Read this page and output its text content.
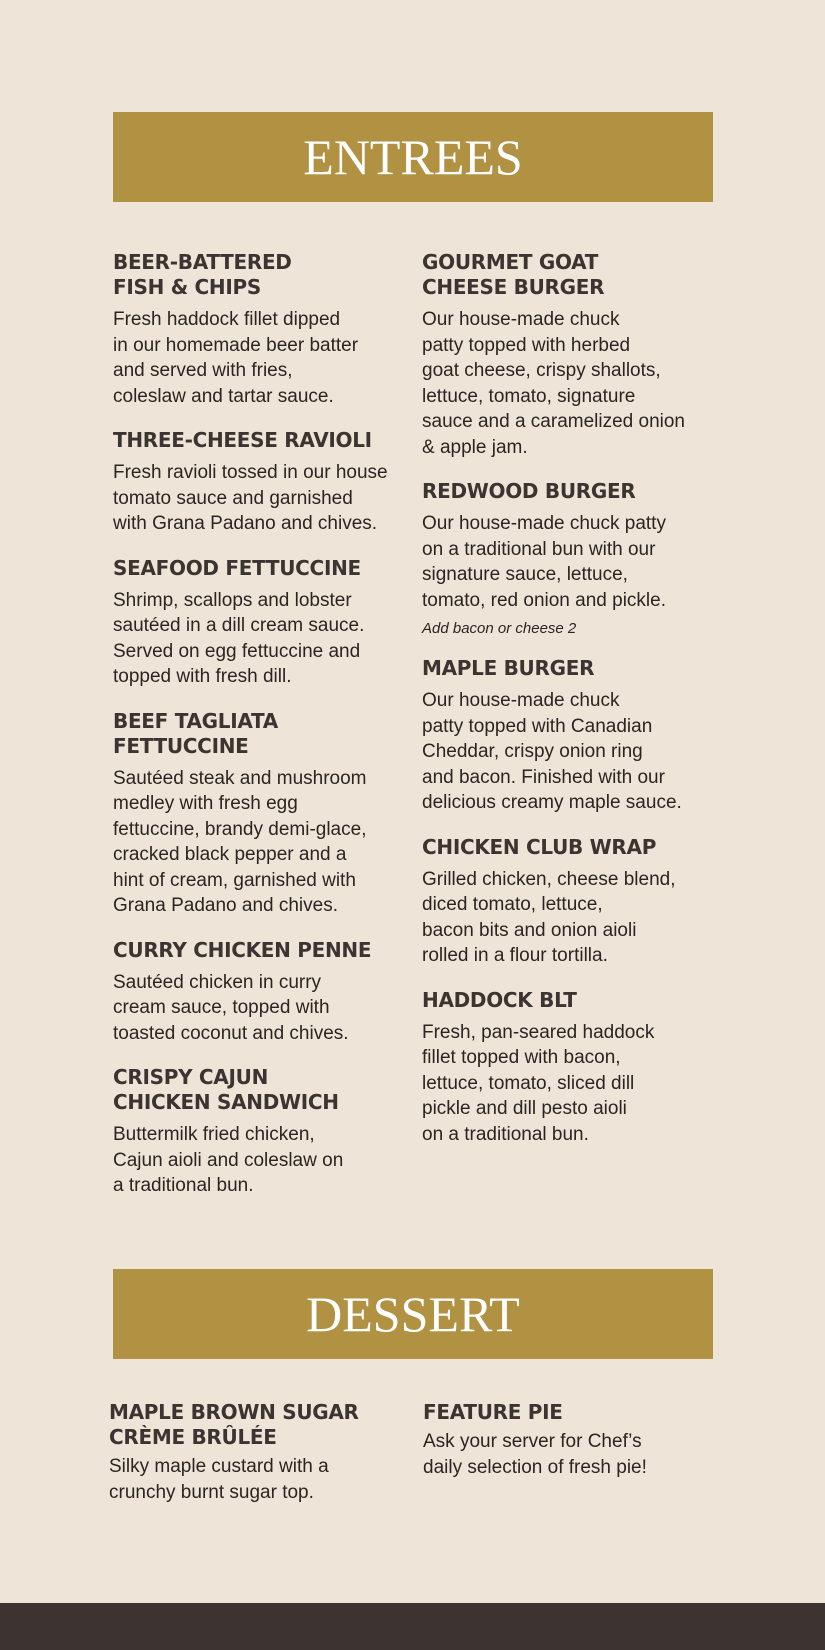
ENTREES
BEER-BATTERED
FISH & CHIPS
Fresh haddock fillet dipped
in our homemade beer batter
and served with fries,
coleslaw and tartar sauce.
THREE-CHEESE RAVIOLI
Fresh ravioli tossed in our house
tomato sauce and garnished
with Grana Padano and chives.
SEAFOOD FETTUCCINE
Shrimp, scallops and lobster
sautéed in a dill cream sauce.
Served on egg fettuccine and
topped with fresh dill.
BEEF TAGLIATA
FETTUCCINE
Sautéed steak and mushroom
medley with fresh egg
fettuccine, brandy demi-glace,
cracked black pepper and a
hint of cream, garnished with
Grana Padano and chives.
CURRY CHICKEN PENNE
Sautéed chicken in curry
cream sauce, topped with
toasted coconut and chives.
CRISPY CAJUN
CHICKEN SANDWICH
Buttermilk fried chicken,
Cajun aioli and coleslaw on
a traditional bun.
GOURMET GOAT
CHEESE BURGER
Our house-made chuck
patty topped with herbed
goat cheese, crispy shallots,
lettuce, tomato, signature
sauce and a caramelized onion
& apple jam.
REDWOOD BURGER
Our house-made chuck patty
on a traditional bun with our
signature sauce, lettuce,
tomato, red onion and pickle.
Add bacon or cheese 2
MAPLE BURGER
Our house-made chuck
patty topped with Canadian
Cheddar, crispy onion ring
and bacon. Finished with our
delicious creamy maple sauce.
CHICKEN CLUB WRAP
Grilled chicken, cheese blend,
diced tomato, lettuce,
bacon bits and onion aioli
rolled in a flour tortilla.
HADDOCK BLT
Fresh, pan-seared haddock
fillet topped with bacon,
lettuce, tomato, sliced dill
pickle and dill pesto aioli
on a traditional bun.
DESSERT
MAPLE BROWN SUGAR
CRÈME BRÛLÉE
Silky maple custard with a
crunchy burnt sugar top.
FEATURE PIE
Ask your server for Chef’s
daily selection of fresh pie!
